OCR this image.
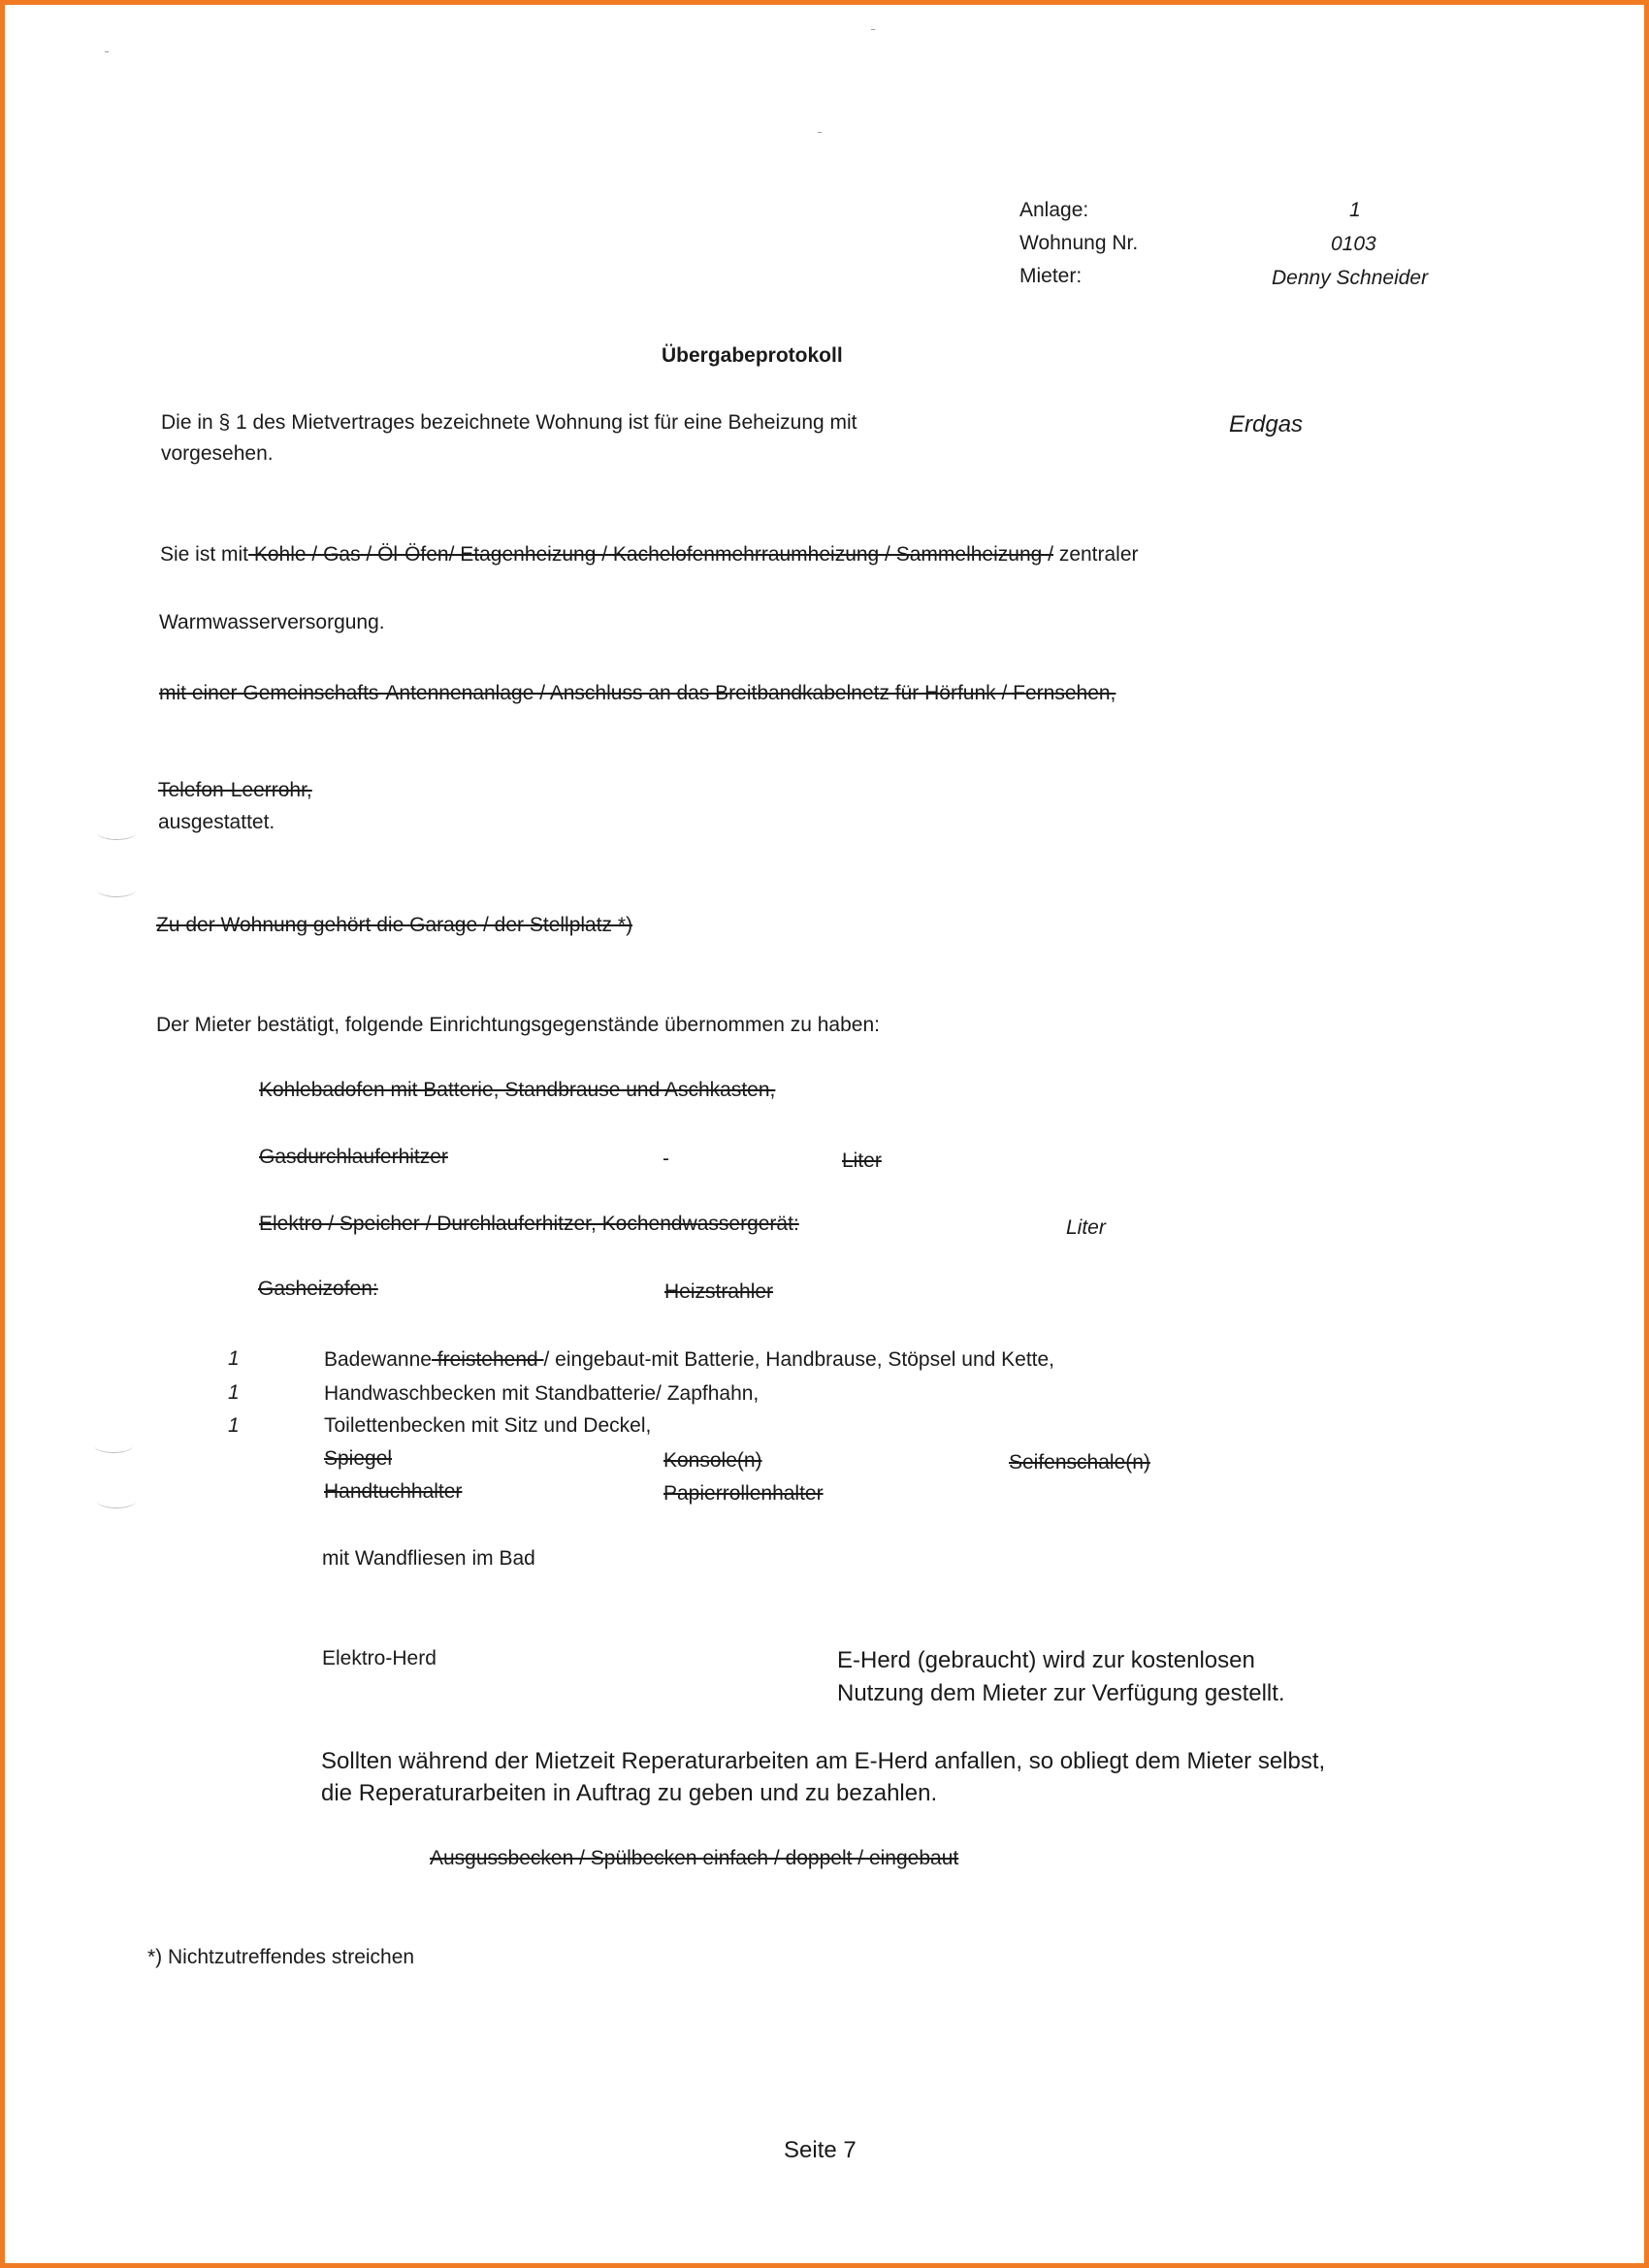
Anlage:	1
Wohnung Nr.	0103
Mieter:	Denny Schneider
Übergabeprotokoll
Die in § 1 des Mietvertrages bezeichnete Wohnung ist für eine Beheizung mit
vorgesehen.
Erdgas
Sie ist mit Kohle / Gas / Öl-Öfen/ Etagenheizung / Kachelofenmehrraumheizung / Sammelheizung / zentraler
Warmwasserversorgung.
mit einer Gemeinschafts-Antennenanlage / Anschluss an das Breitbandkabelnetz für Hörfunk / Fernsehen,
Telefon-Leerrohr,
ausgestattet.
Zu der Wohnung gehört die Garage / der Stellplatz *)
Der Mieter bestätigt, folgende Einrichtungsgegenstände übernommen zu haben:
Kohlebadofen mit Batterie, Standbrause und Aschkasten,
Gasdurchlauferhitzer	-	Liter
Elektro / Speicher / Durchlauferhitzer, Kochendwassergerät:	Liter
Gasheizofen:	Heizstrahler
1	Badewanne freistehend / eingebaut-mit Batterie, Handbrause, Stöpsel und Kette,
1	Handwaschbecken mit Standbatterie/ Zapfhahn,
1	Toilettenbecken mit Sitz und Deckel,
Spiegel	Konsole(n)	Seifenschale(n)
Handtuchhalter	Papierrollenhalter
mit Wandfliesen im Bad
Elektro-Herd	E-Herd (gebraucht) wird zur kostenlosen
Nutzung dem Mieter zur Verfügung gestellt.
Sollten während der Mietzeit Reperaturarbeiten am E-Herd anfallen, so obliegt dem Mieter selbst,
die Reperaturarbeiten in Auftrag zu geben und zu bezahlen.
Ausgussbecken / Spülbecken einfach / doppelt / eingebaut
*) Nichtzutreffendes streichen
Seite 7
